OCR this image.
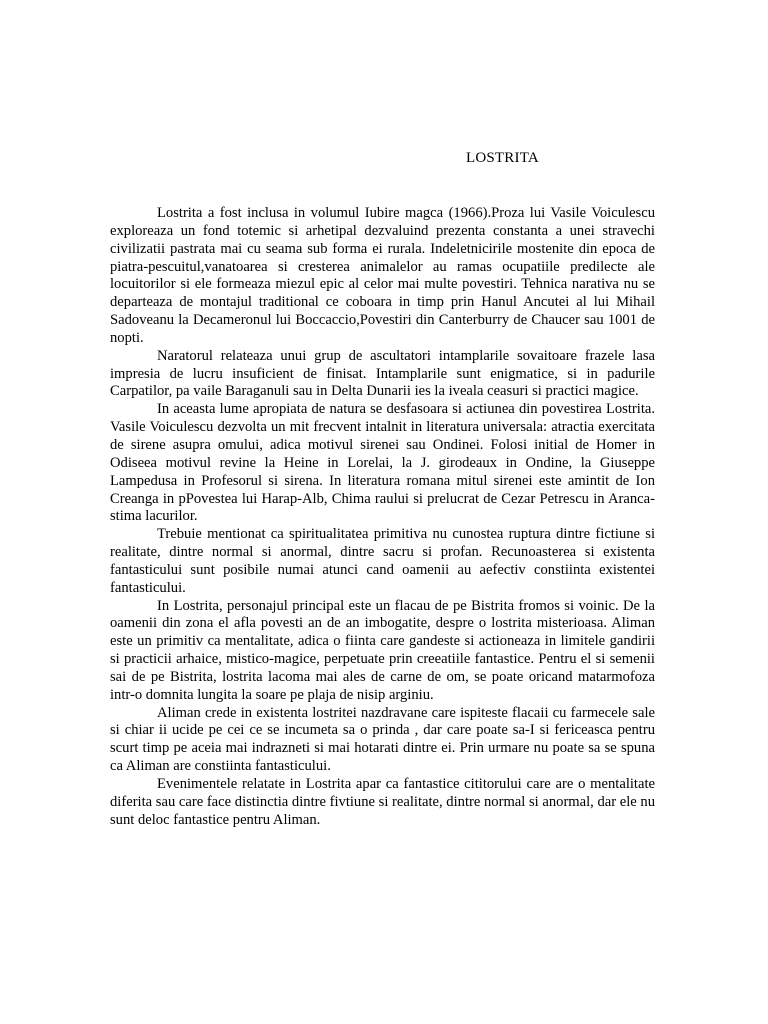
LOSTRITA

Lostrita a fost inclusa in volumul Iubire magca (1966).Proza lui Vasile Voiculescu exploreaza un fond totemic si arhetipal dezvaluind prezenta constanta a unei stravechi civilizatii pastrata mai cu seama sub forma ei rurala. Indeletnicirile mostenite din epoca de piatra-pescuitul,vanatoarea si cresterea animalelor au ramas ocupatiile predilecte ale locuitorilor si ele formeaza miezul epic al celor mai multe povestiri. Tehnica narativa nu se departeaza de montajul traditional ce coboara in timp prin Hanul Ancutei al lui Mihail Sadoveanu la Decameronul lui Boccaccio,Povestiri din Canterburry de Chaucer sau 1001 de nopti.

Naratorul relateaza unui grup de ascultatori intamplarile sovaitoare frazele lasa impresia de lucru insuficient de finisat. Intamplarile sunt enigmatice, si in padurile Carpatilor, pa vaile Baraganuli sau in Delta Dunarii ies la iveala ceasuri si practici magice.

In aceasta lume apropiata de natura se desfasoara si actiunea din povestirea Lostrita. Vasile Voiculescu dezvolta un mit frecvent intalnit in literatura universala: atractia exercitata de sirene asupra omului, adica motivul sirenei sau Ondinei. Folosi initial de Homer in Odiseea motivul revine la Heine in Lorelai, la J. girodeaux in Ondine, la Giuseppe Lampedusa in Profesorul si sirena. In literatura romana mitul sirenei este amintit de Ion Creanga in pPovestea lui Harap-Alb, Chima raului si prelucrat de Cezar Petrescu in Aranca-stima lacurilor.

Trebuie mentionat ca spiritualitatea primitiva nu cunostea ruptura dintre fictiune si realitate, dintre normal si anormal, dintre sacru si profan. Recunoasterea si existenta fantasticului sunt posibile numai atunci cand oamenii au aefectiv constiinta existentei fantasticului.

In Lostrita, personajul principal este un flacau de pe Bistrita fromos si voinic. De la oamenii din zona el afla povesti an de an imbogatite, despre o lostrita misterioasa. Aliman este un primitiv ca mentalitate, adica o fiinta care gandeste si actioneaza in limitele gandirii si practicii arhaice, mistico-magice, perpetuate prin creeatiile fantastice. Pentru el si semenii sai de pe Bistrita, lostrita lacoma mai ales de carne de om, se poate oricand matarmofoza intr-o domnita lungita la soare pe plaja de nisip arginiu.

Aliman crede in existenta lostritei nazdravane care ispiteste flacaii cu farmecele sale si chiar ii ucide pe cei ce se incumeta sa o prinda , dar care poate sa-I si fericeasca pentru scurt timp pe aceia mai indrazneti si mai hotarati dintre ei. Prin urmare nu poate sa se spuna ca Aliman are constiinta fantasticului.

Evenimentele relatate in Lostrita apar ca fantastice cititorului care are o mentalitate diferita sau care face distinctia dintre fivtiune si realitate, dintre normal si anormal, dar ele nu sunt deloc fantastice pentru Aliman.
